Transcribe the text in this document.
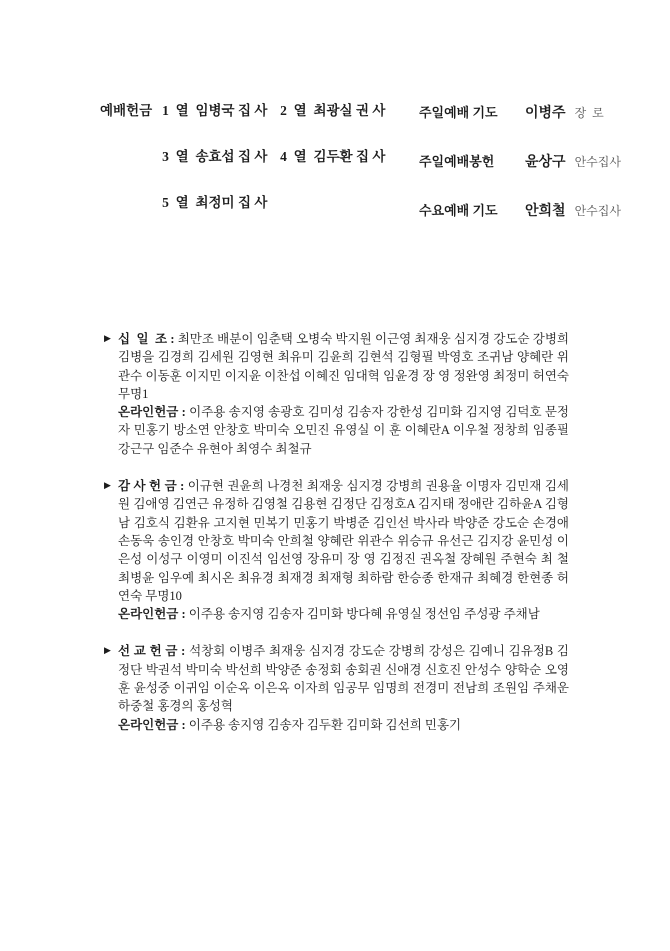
예배헌금 1  열  임병국 집 사 2  열  최광실 권 사
3  열  송효섭 집 사 4  열  김두환 집 사
5  열  최정미 집 사
주일예배 기도	이병주 장  로
주일예배봉헌	윤상구 안수집사
수요예배 기도	안희철 안수집사
▶ 십  일  조 : 최만조 배분이 임춘택 오병숙 박지원 이근영 최재웅 심지경 강도순 강병희 김병을 김경희 김세원 김영현 최유미 김윤희 김현석 김형필 박영호 조귀남 양혜란 위관수 이동훈 이지민 이지윤 이찬섭 이혜진 임대혁 임윤경 장 영 정완영 최정미 허연숙 무명1

온라인헌금 : 이주용 송지영 송광호 김미성 김송자 강한성 김미화 김지영 김덕호 문정자 민홍기 방소연 안창호 박미숙 오민진 유영실 이 훈 이혜란A 이우철 정창희 임종필 강근구 임준수 유현아 최영수 최철규

▶ 감 사 헌 금 : 이규현 권윤희 나경천 최재웅 심지경 강병희 권용율 이명자 김민재 김세원 김애영 김연근 유정하 김영철 김용현 김정단 김정호A 김지태 정애란 김하윤A 김형남 김호식 김환유 고지현 민복기 민홍기 박병준 김인선 박사라 박양준 강도순 손경애 손동욱 송인경 안창호 박미숙 안희철 양혜란 위관수 위승규 유선근 김지강 윤민성 이은성 이성구 이영미 이진석 임선영 장유미 장 영 김정진 권옥철 장혜원 주현숙 최 철 최병윤 임우예 최시온 최유경 최재경 최재형 최하람 한승종 한재규 최혜경 한현종 허연숙 무명10

온라인헌금 : 이주용 송지영 김송자 김미화 방다혜 유영실 정선임 주성광 주채남

▶ 선 교 헌 금 : 석창회 이병주 최재웅 심지경 강도순 강병희 강성은 김예니 김유정B 김정단 박권석 박미숙 박선희 박양준 송정회 송회권 신애경 신호진 안성수 양학순 오영훈 윤성중 이귀임 이순옥 이은옥 이자희 임공무 임명희 전경미 전남희 조원임 주채운 하중철 홍경의 홍성혁

온라인헌금 : 이주용 송지영 김송자 김두환 김미화 김선희 민홍기
